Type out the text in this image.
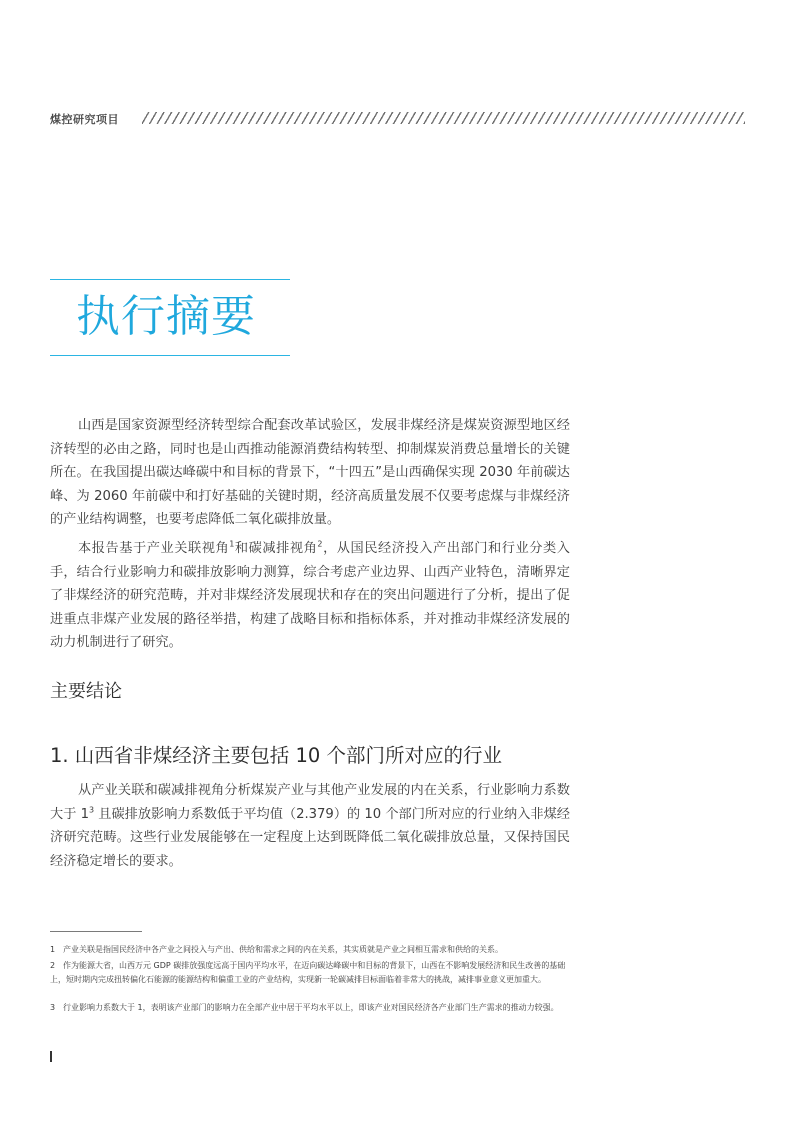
煤控研究项目
执行摘要

山西是国家资源型经济转型综合配套改革试验区，发展非煤经济是煤炭资源型地区经济转型的必由之路，同时也是山西推动能源消费结构转型、抑制煤炭消费总量增长的关键所在。在我国提出碳达峰碳中和目标的背景下，“十四五”是山西确保实现 2030 年前碳达峰、为 2060 年前碳中和打好基础的关键时期，经济高质量发展不仅要考虑煤与非煤经济的产业结构调整，也要考虑降低二氧化碳排放量。

本报告基于产业关联视角$^1$和碳减排视角$^2$，从国民经济投入产出部门和行业分类入手，结合行业影响力和碳排放影响力测算，综合考虑产业边界、山西产业特色，清晰界定了非煤经济的研究范畴，并对非煤经济发展现状和存在的突出问题进行了分析，提出了促进重点非煤产业发展的路径举措，构建了战略目标和指标体系，并对推动非煤经济发展的动力机制进行了研究。

主要结论
1. 山西省非煤经济主要包括 10 个部门所对应的行业

从产业关联和碳减排视角分析煤炭产业与其他产业发展的内在关系，行业影响力系数大于 $1^3$ 且碳排放影响力系数低于平均值（2.379）的 10 个部门所对应的行业纳入非煤经济研究范畴。这些行业发展能够在一定程度上达到既降低二氧化碳排放总量，又保持国民经济稳定增长的要求。

1 产业关联是指国民经济中各产业之间投入与产出、供给和需求之间的内在关系，其实质就是产业之间相互需求和供给的关系。

2 作为能源大省，山西万元 GDP 碳排放强度远高于国内平均水平，在迈向碳达峰碳中和目标的背景下，山西在不影响发展经济和民生改善的基础上，短时期内完成扭转偏化石能源的能源结构和偏重工业的产业结构，实现新一轮碳减排目标面临着非常大的挑战，减排事业意义更加重大。

3 行业影响力系数大于 1，表明该产业部门的影响力在全部产业中居于平均水平以上，即该产业对国民经济各产业部门生产需求的推动力较强。
